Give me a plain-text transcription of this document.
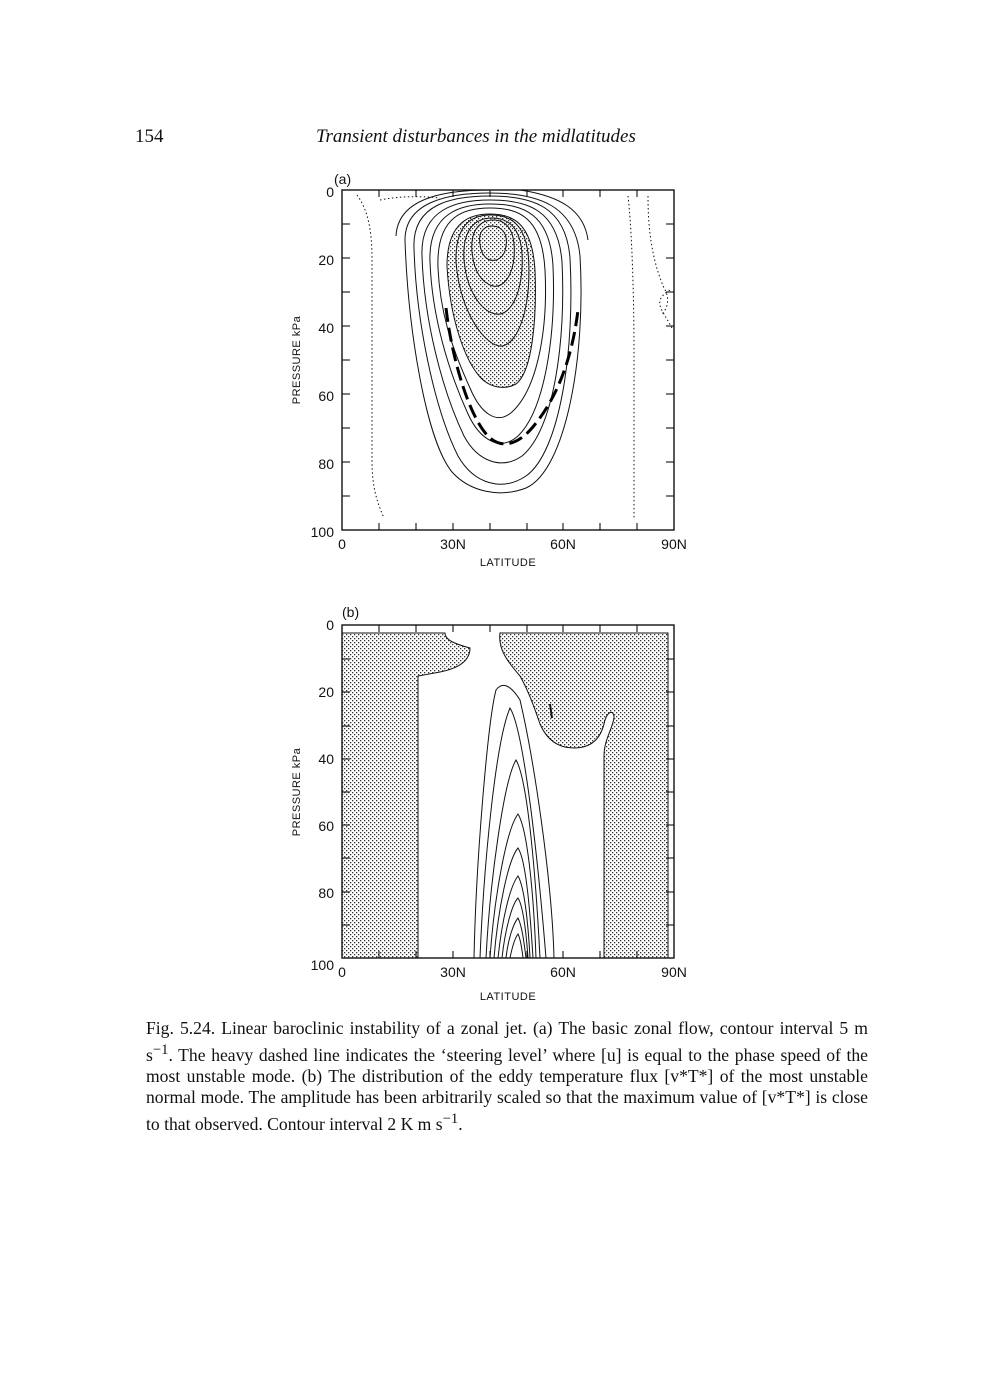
154	Transient disturbances in the midlatitudes
(a)
0
20
40
60
80
100
0	30N	60N	90N
LATITUDE
PRESSURE kPa
(b)
0
20
40
60
80
100 0	30N	60N	90N
LATITUDE
PRESSURE kPa

Fig. 5.24. Linear baroclinic instability of a zonal jet. (a) The basic zonal flow, contour interval 5 m $s^{-1}$. The heavy dashed line indicates the ‘steering level’ where [u] is equal to the phase speed of the most unstable mode. (b) The distribution of the eddy temperature flux [v*T*] of the most unstable normal mode. The amplitude has been arbitrarily scaled so that the maximum value of [v*T*] is close to that observed. Contour interval 2 K m $s^{-1}$.
